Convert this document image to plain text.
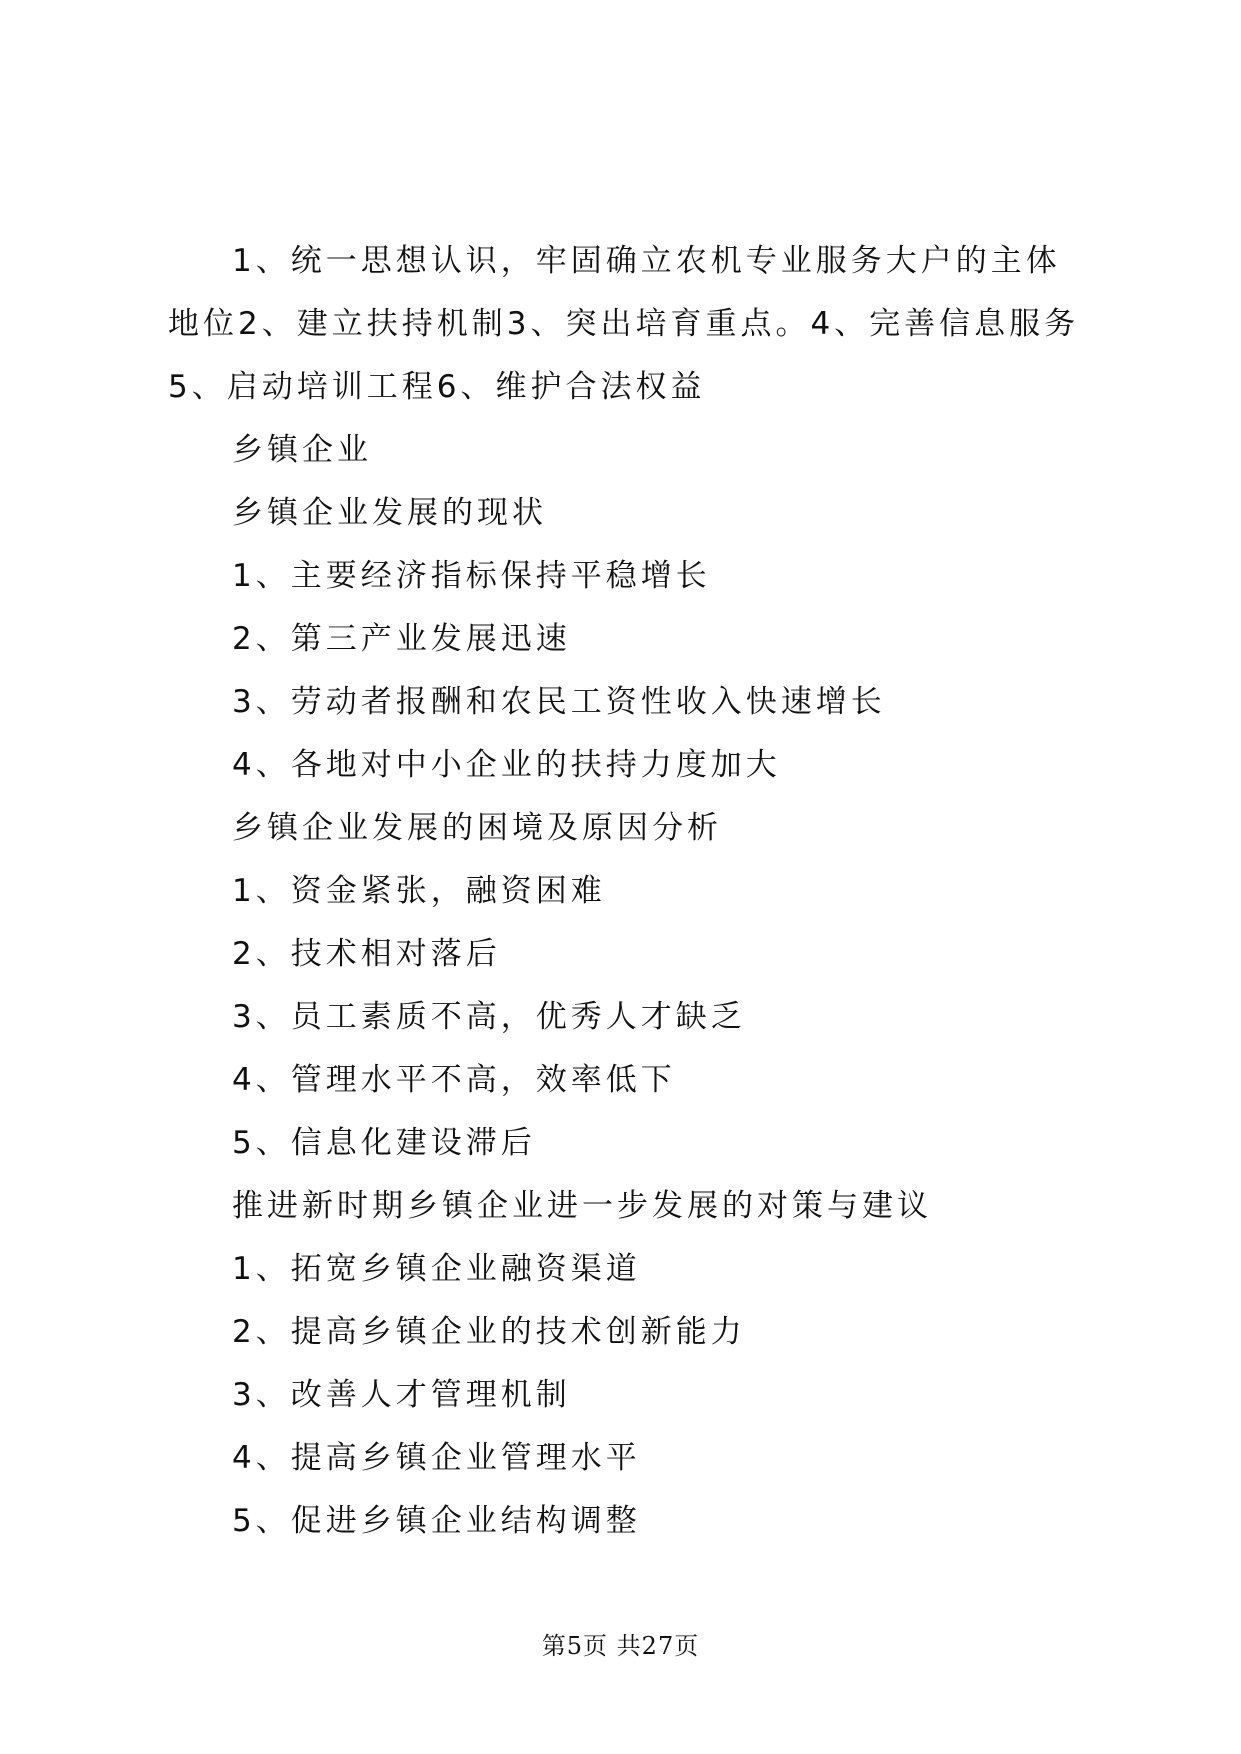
1、统一思想认识，牢固确立农机专业服务大户的主体地位2、建立扶持机制3、突出培育重点。4、完善信息服务5、启动培训工程6、维护合法权益

乡镇企业

乡镇企业发展的现状

1、主要经济指标保持平稳增长

2、第三产业发展迅速

3、劳动者报酬和农民工资性收入快速增长

4、各地对中小企业的扶持力度加大

乡镇企业发展的困境及原因分析

1、资金紧张，融资困难

2、技术相对落后

3、员工素质不高，优秀人才缺乏

4、管理水平不高，效率低下

5、信息化建设滞后

推进新时期乡镇企业进一步发展的对策与建议

1、拓宽乡镇企业融资渠道

2、提高乡镇企业的技术创新能力

3、改善人才管理机制

4、提高乡镇企业管理水平

5、促进乡镇企业结构调整

第5页 共27页
